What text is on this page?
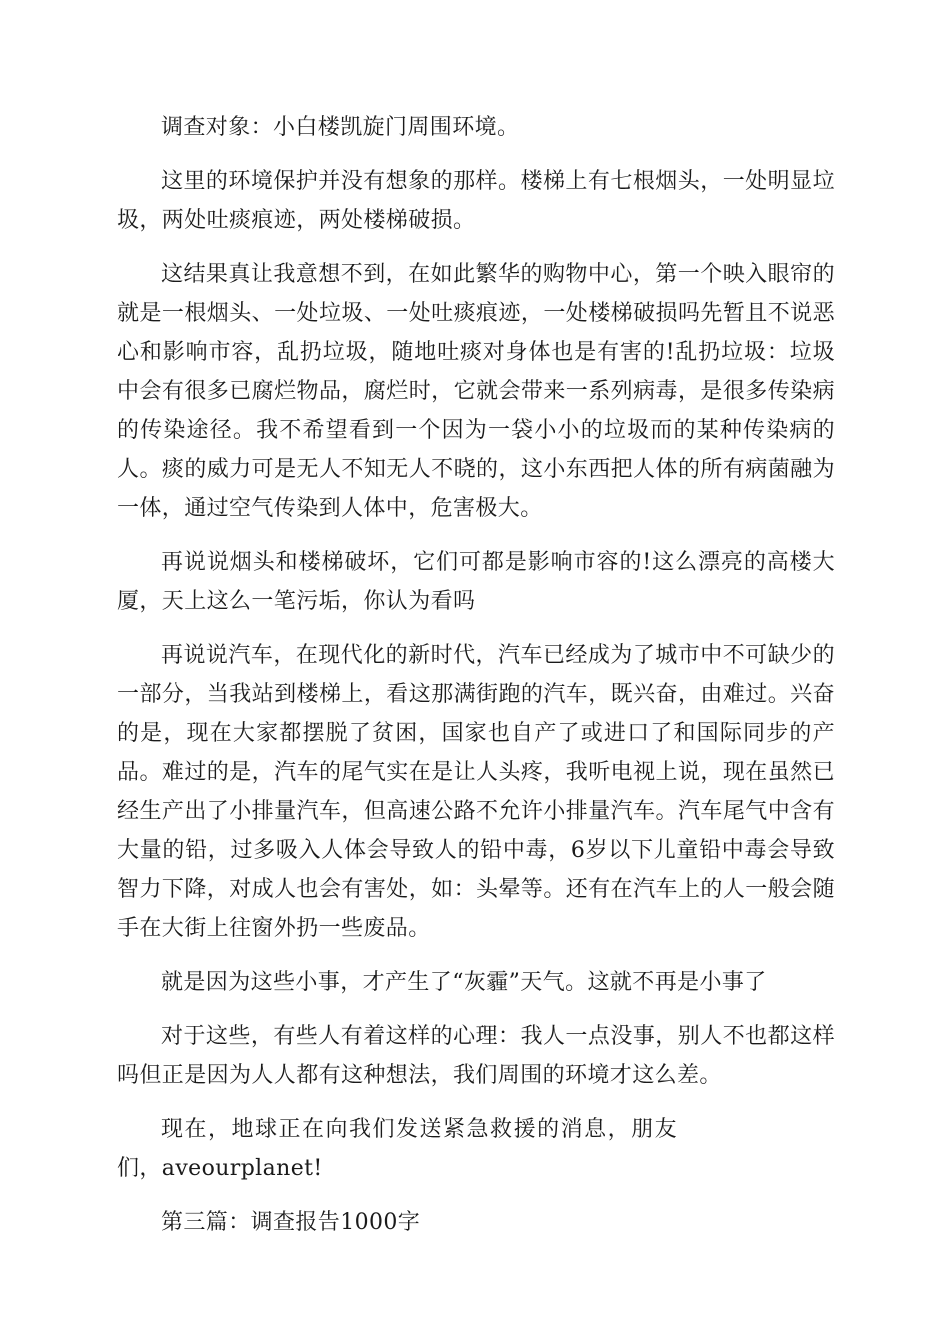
调查对象：小白楼凯旋门周围环境。

这里的环境保护并没有想象的那样。楼梯上有七根烟头，一处明显垃圾，两处吐痰痕迹，两处楼梯破损。

这结果真让我意想不到，在如此繁华的购物中心，第一个映入眼帘的就是一根烟头、一处垃圾、一处吐痰痕迹，一处楼梯破损吗先暂且不说恶心和影响市容，乱扔垃圾，随地吐痰对身体也是有害的!乱扔垃圾：垃圾中会有很多已腐烂物品，腐烂时，它就会带来一系列病毒，是很多传染病的传染途径。我不希望看到一个因为一袋小小的垃圾而的某种传染病的人。痰的威力可是无人不知无人不晓的，这小东西把人体的所有病菌融为一体，通过空气传染到人体中，危害极大。

再说说烟头和楼梯破坏，它们可都是影响市容的!这么漂亮的高楼大厦，天上这么一笔污垢，你认为看吗

再说说汽车，在现代化的新时代，汽车已经成为了城市中不可缺少的一部分，当我站到楼梯上，看这那满街跑的汽车，既兴奋，由难过。兴奋的是，现在大家都摆脱了贫困，国家也自产了或进口了和国际同步的产品。难过的是，汽车的尾气实在是让人头疼，我听电视上说，现在虽然已经生产出了小排量汽车，但高速公路不允许小排量汽车。汽车尾气中含有大量的铅，过多吸入人体会导致人的铅中毒，6岁以下儿童铅中毒会导致智力下降，对成人也会有害处，如：头晕等。还有在汽车上的人一般会随手在大街上往窗外扔一些废品。

就是因为这些小事，才产生了“灰霾”天气。这就不再是小事了

对于这些，有些人有着这样的心理：我人一点没事，别人不也都这样吗但正是因为人人都有这种想法，我们周围的环境才这么差。

现在，地球正在向我们发送紧急救援的消息，朋友们，aveourplanet!

第三篇：调查报告1000字
